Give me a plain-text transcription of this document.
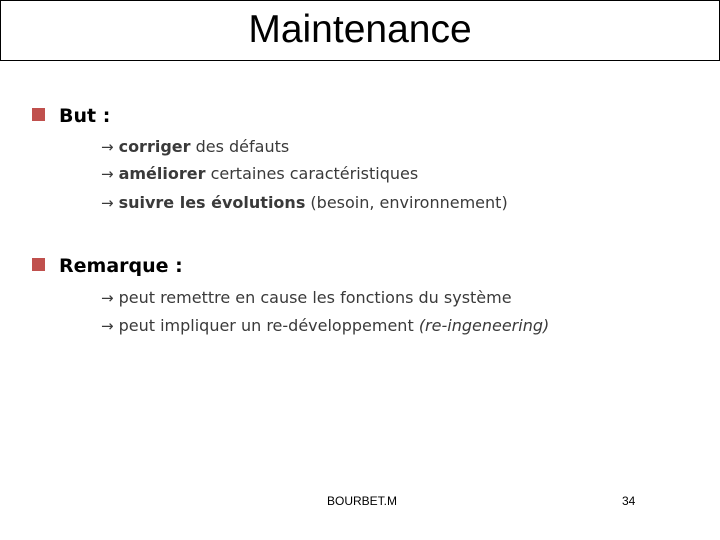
Maintenance
But :
→ corriger des défauts
→ améliorer certaines caractéristiques
→ suivre les évolutions (besoin, environnement)
Remarque :
→ peut remettre en cause les fonctions du système
→ peut impliquer un re-développement (re-ingeneering)
BOURBET.M	34
